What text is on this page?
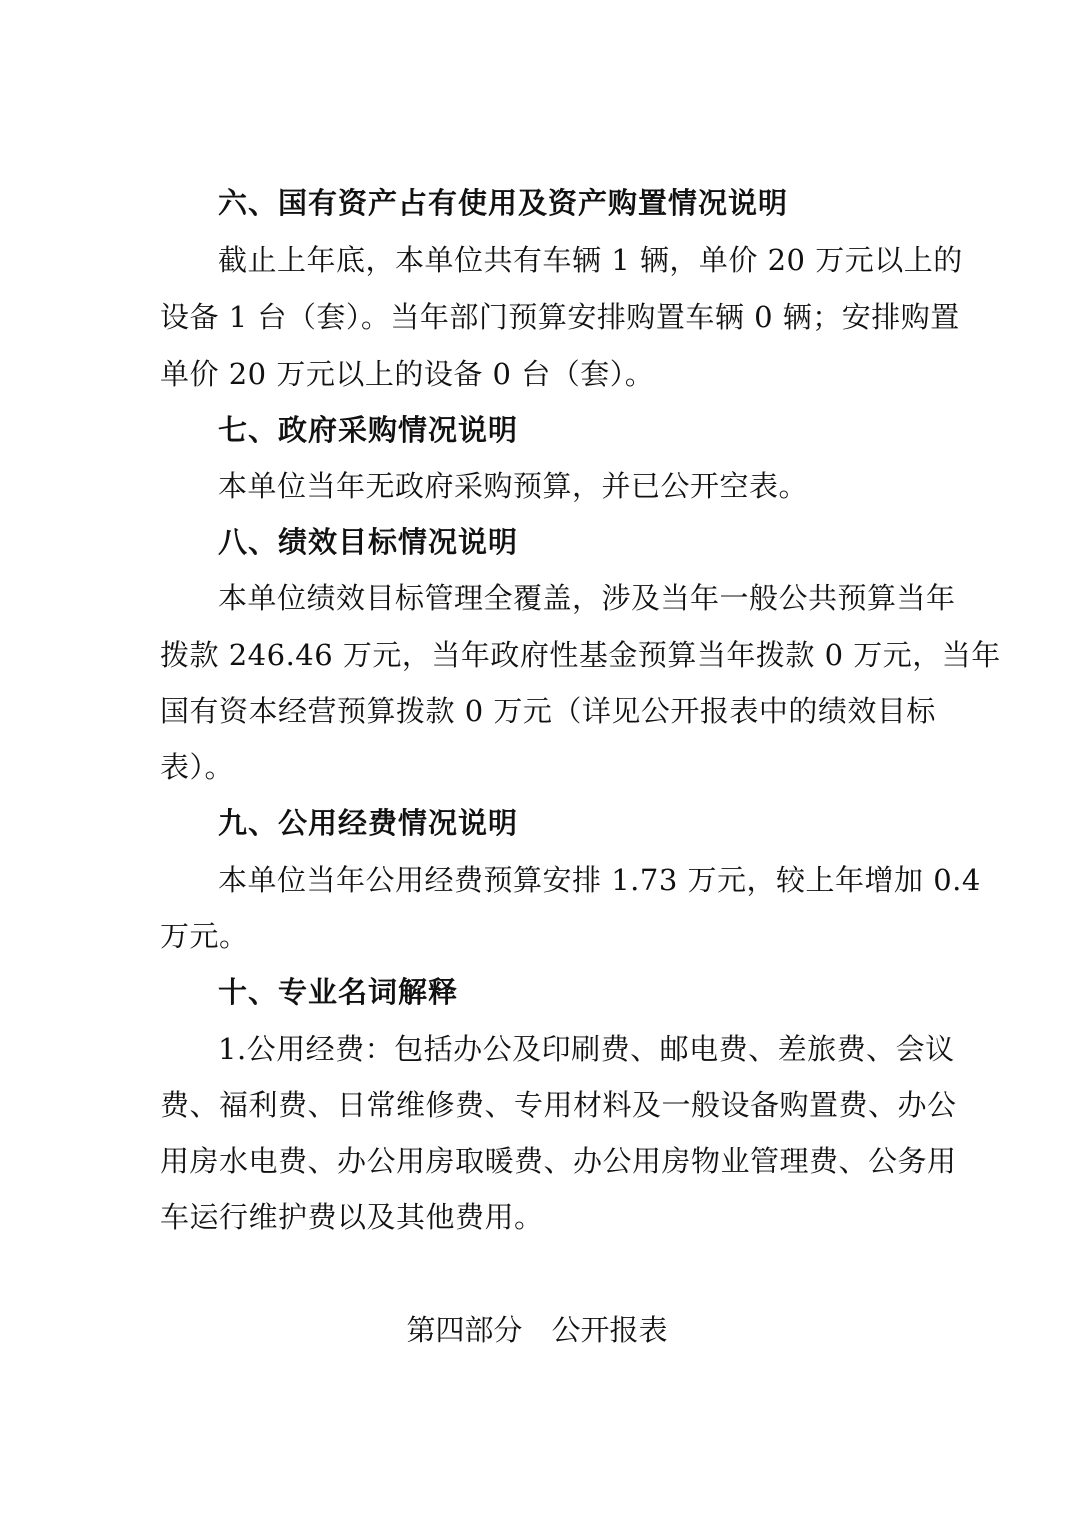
六、国有资产占有使用及资产购置情况说明
截止上年底，本单位共有车辆 1 辆，单价 20 万元以上的
设备 1 台（套）。当年部门预算安排购置车辆 0 辆；安排购置
单价 20 万元以上的设备 0 台（套）。
七、政府采购情况说明
本单位当年无政府采购预算，并已公开空表。
八、绩效目标情况说明
本单位绩效目标管理全覆盖，涉及当年一般公共预算当年
拨款 246.46 万元，当年政府性基金预算当年拨款 0 万元，当年
国有资本经营预算拨款 0 万元（详见公开报表中的绩效目标
表）。
九、公用经费情况说明
本单位当年公用经费预算安排 1.73 万元，较上年增加 0.4
万元。
十、专业名词解释
1.公用经费：包括办公及印刷费、邮电费、差旅费、会议
费、福利费、日常维修费、专用材料及一般设备购置费、办公
用房水电费、办公用房取暖费、办公用房物业管理费、公务用
车运行维护费以及其他费用。
第四部分　公开报表
